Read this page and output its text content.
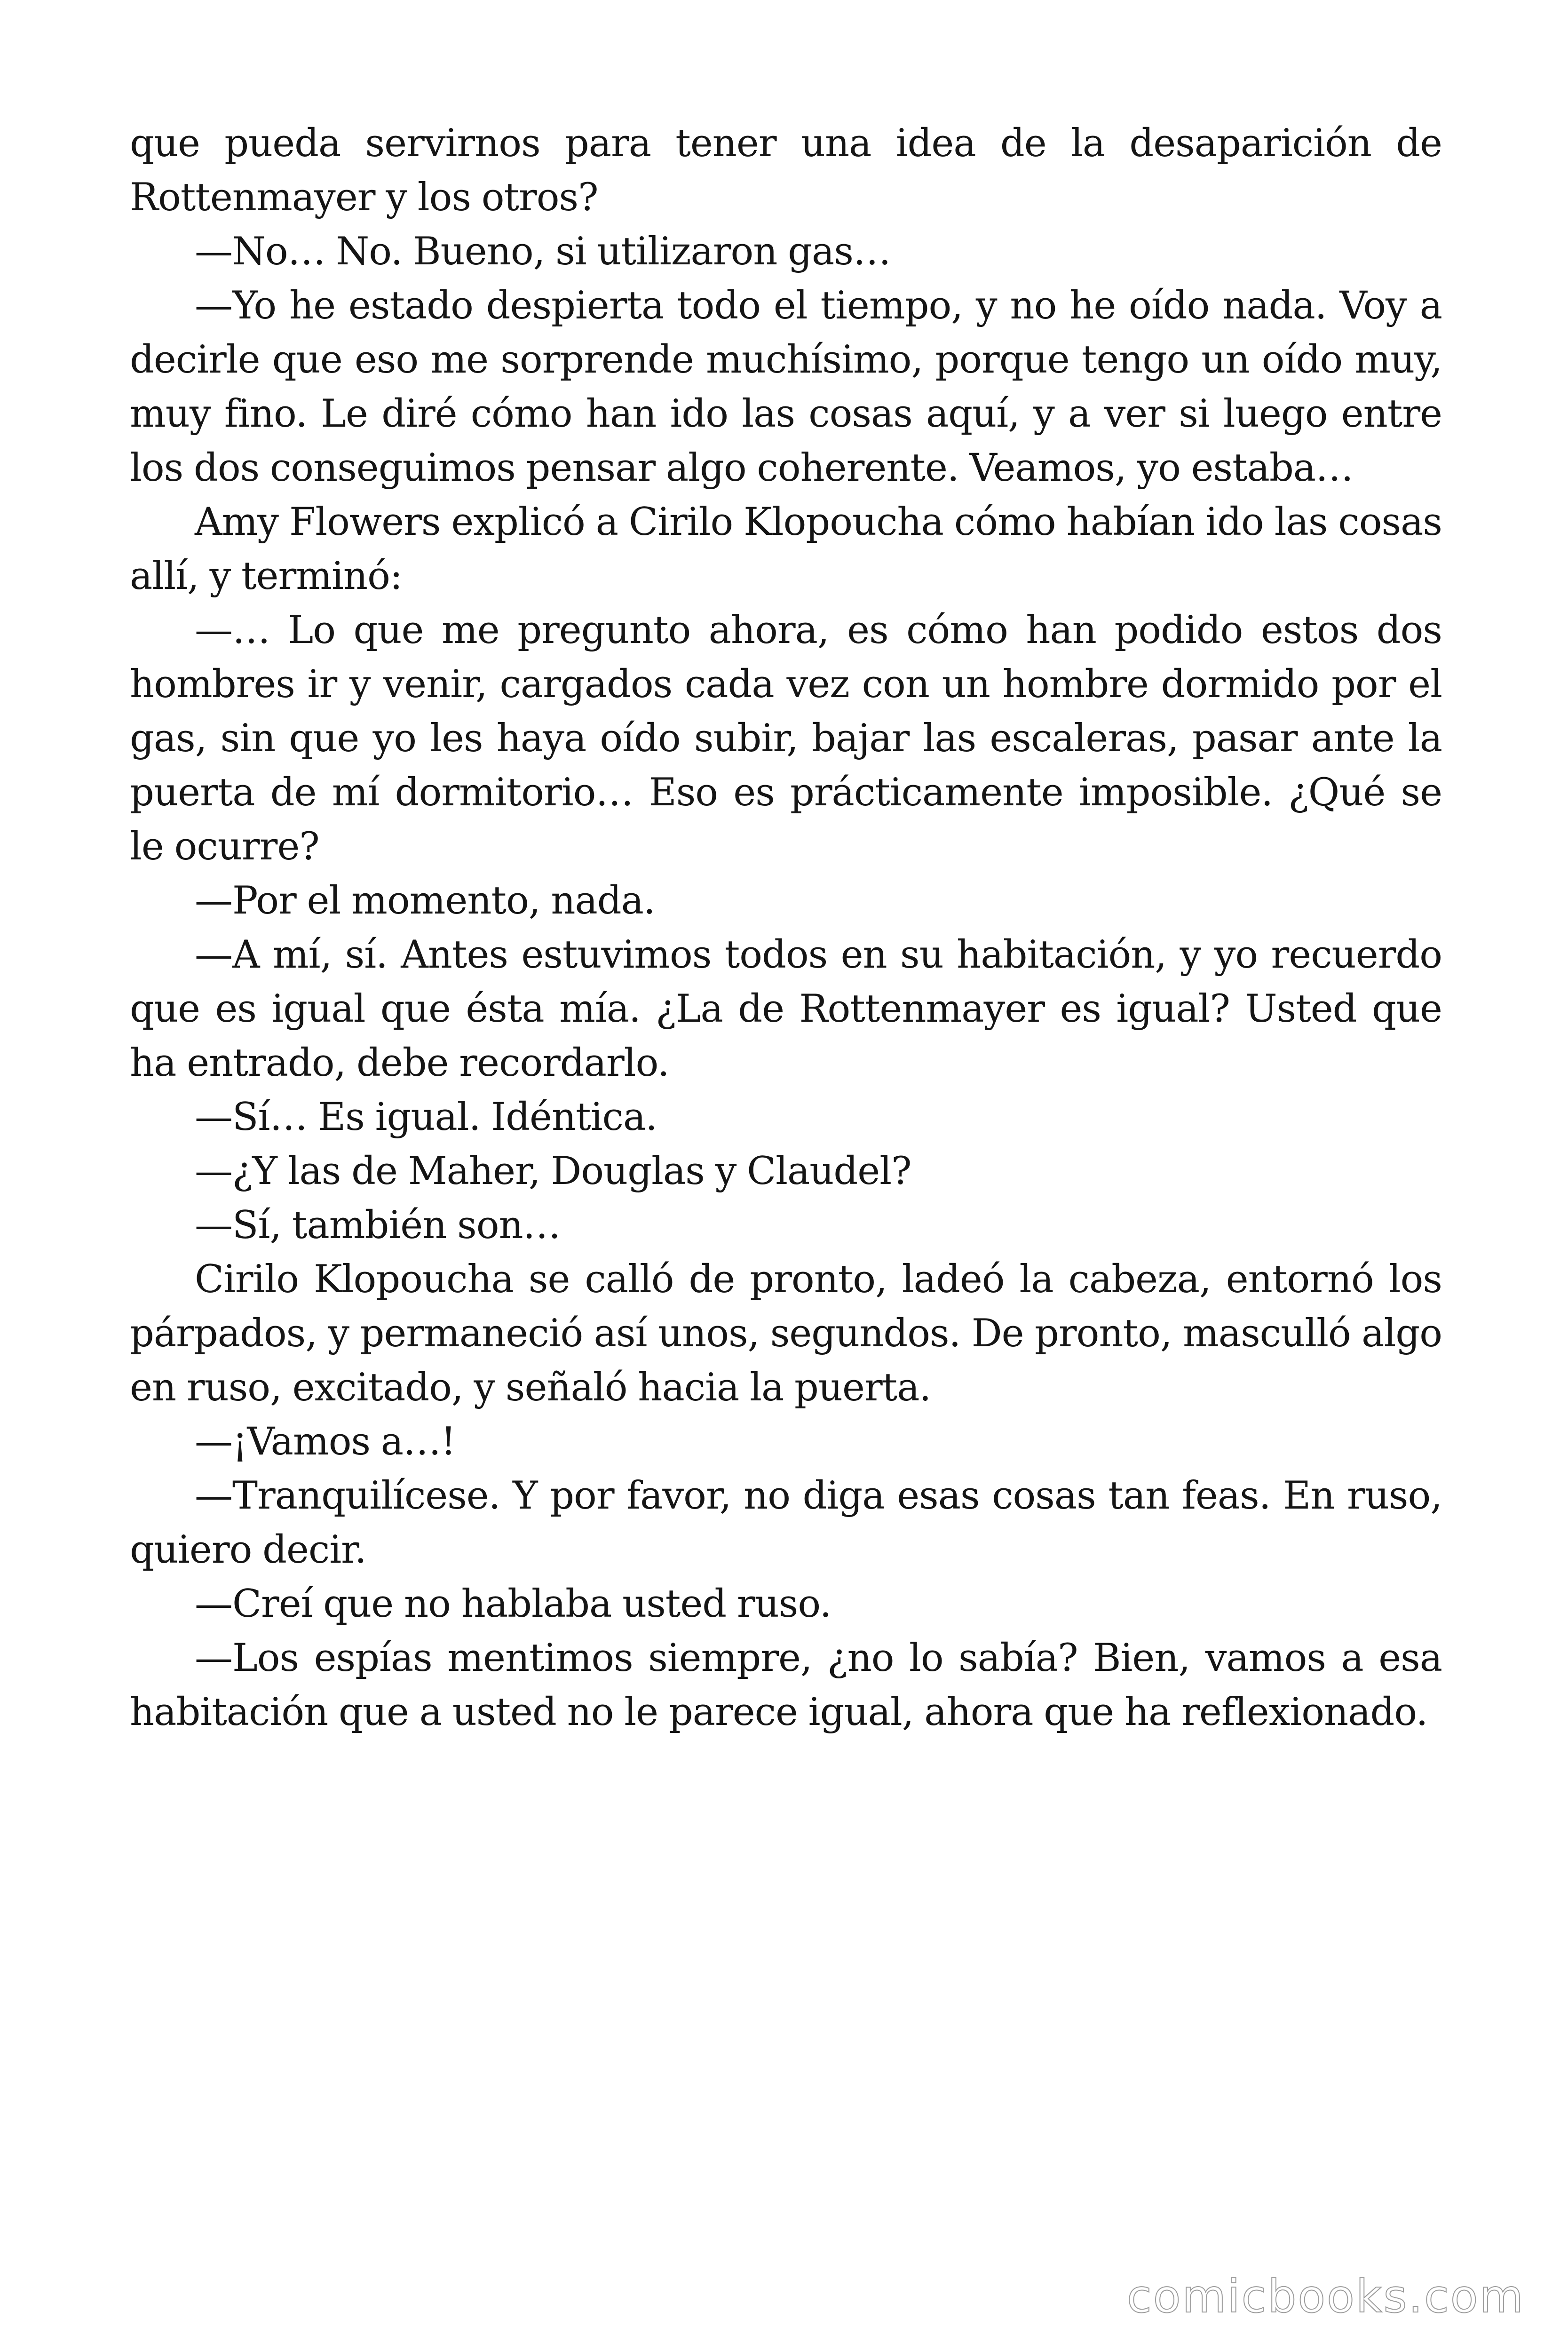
que pueda servirnos para tener una idea de la desaparición de Rottenmayer y los otros?

—No… No. Bueno, si utilizaron gas…

—Yo he estado despierta todo el tiempo, y no he oído nada. Voy a decirle que eso me sorprende muchísimo, porque tengo un oído muy, muy fino. Le diré cómo han ido las cosas aquí, y a ver si luego entre los dos conseguimos pensar algo coherente. Veamos, yo estaba…

Amy Flowers explicó a Cirilo Klopoucha cómo habían ido las cosas allí, y terminó:

—… Lo que me pregunto ahora, es cómo han podido estos dos hombres ir y venir, cargados cada vez con un hombre dormido por el gas, sin que yo les haya oído subir, bajar las escaleras, pasar ante la puerta de mí dormitorio… Eso es prácticamente imposible. ¿Qué se le ocurre?

—Por el momento, nada.

—A mí, sí. Antes estuvimos todos en su habitación, y yo recuerdo que es igual que ésta mía. ¿La de Rottenmayer es igual? Usted que ha entrado, debe recordarlo.

—Sí… Es igual. Idéntica.

—¿Y las de Maher, Douglas y Claudel?

—Sí, también son…

Cirilo Klopoucha se calló de pronto, ladeó la cabeza, entornó los párpados, y permaneció así unos, segundos. De pronto, masculló algo en ruso, excitado, y señaló hacia la puerta.

—¡Vamos a…!

—Tranquilícese. Y por favor, no diga esas cosas tan feas. En ruso, quiero decir.

—Creí que no hablaba usted ruso.

—Los espías mentimos siempre, ¿no lo sabía? Bien, vamos a esa habitación que a usted no le parece igual, ahora que ha reflexionado.

comicbooks.com
